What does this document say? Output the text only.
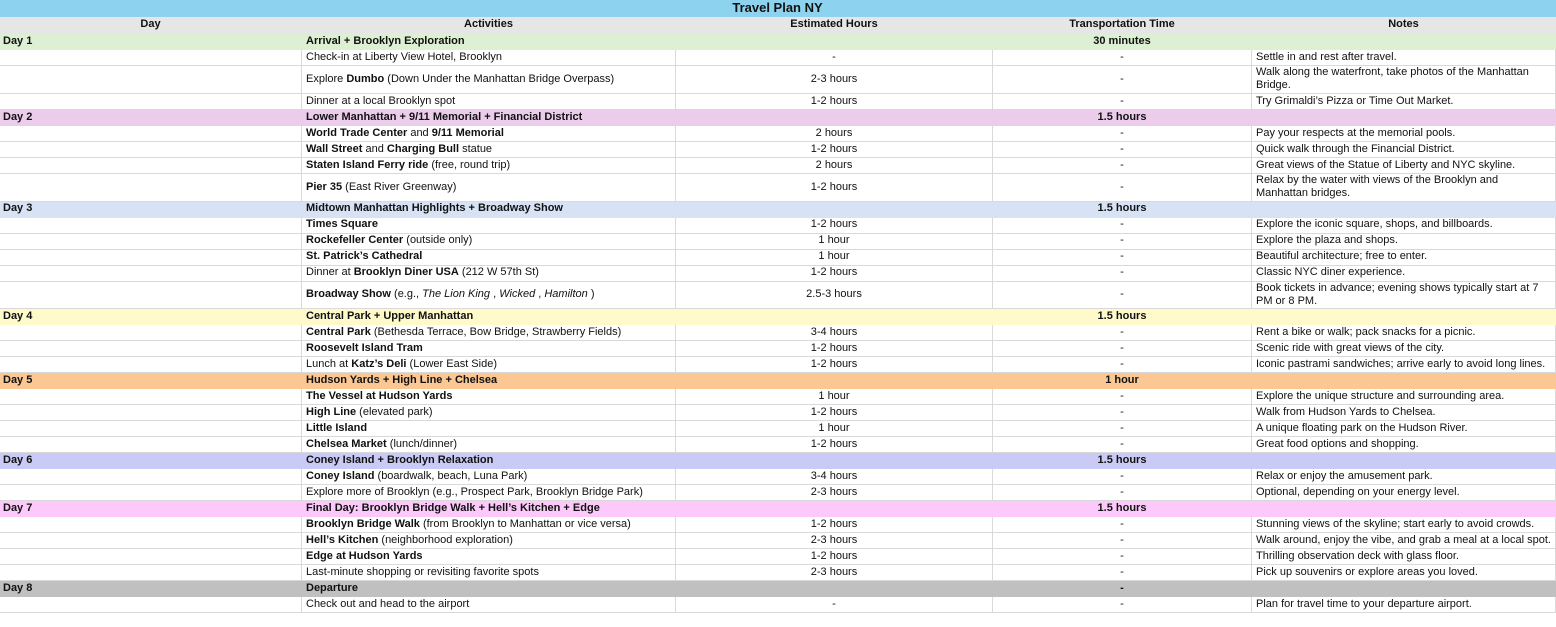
Travel Plan NY				
Day	Activities	Estimated Hours	Transportation Time	Notes
Day 1	Arrival + Brooklyn Exploration		30 minutes	
	Check-in at Liberty View Hotel, Brooklyn	-	-	Settle in and rest after travel.
	Explore Dumbo (Down Under the Manhattan Bridge Overpass)	2-3 hours	-	Walk along the waterfront, take photos of the Manhattan Bridge.
	Dinner at a local Brooklyn spot	1-2 hours	-	Try Grimaldi’s Pizza or Time Out Market.
Day 2	Lower Manhattan + 9/11 Memorial + Financial District		1.5 hours	
	World Trade Center and 9/11 Memorial	2 hours	-	Pay your respects at the memorial pools.
	Wall Street and Charging Bull statue	1-2 hours	-	Quick walk through the Financial District.
	Staten Island Ferry ride (free, round trip)	2 hours	-	Great views of the Statue of Liberty and NYC skyline.
	Pier 35 (East River Greenway)	1-2 hours	-	Relax by the water with views of the Brooklyn and Manhattan bridges.
Day 3	Midtown Manhattan Highlights + Broadway Show		1.5 hours	
	Times Square	1-2 hours	-	Explore the iconic square, shops, and billboards.
	Rockefeller Center (outside only)	1 hour	-	Explore the plaza and shops.
	St. Patrick’s Cathedral	1 hour	-	Beautiful architecture; free to enter.
	Dinner at Brooklyn Diner USA (212 W 57th St)	1-2 hours	-	Classic NYC diner experience.
	Broadway Show (e.g., The Lion King , Wicked , Hamilton )	2.5-3 hours	-	Book tickets in advance; evening shows typically start at 7 PM or 8 PM.
Day 4	Central Park + Upper Manhattan		1.5 hours	
	Central Park (Bethesda Terrace, Bow Bridge, Strawberry Fields)	3-4 hours	-	Rent a bike or walk; pack snacks for a picnic.
	Roosevelt Island Tram	1-2 hours	-	Scenic ride with great views of the city.
	Lunch at Katz’s Deli (Lower East Side)	1-2 hours	-	Iconic pastrami sandwiches; arrive early to avoid long lines.
Day 5	Hudson Yards + High Line + Chelsea		1 hour	
	The Vessel at Hudson Yards	1 hour	-	Explore the unique structure and surrounding area.
	High Line (elevated park)	1-2 hours	-	Walk from Hudson Yards to Chelsea.
	Little Island	1 hour	-	A unique floating park on the Hudson River.
	Chelsea Market (lunch/dinner)	1-2 hours	-	Great food options and shopping.
Day 6	Coney Island + Brooklyn Relaxation		1.5 hours	
	Coney Island (boardwalk, beach, Luna Park)	3-4 hours	-	Relax or enjoy the amusement park.
	Explore more of Brooklyn (e.g., Prospect Park, Brooklyn Bridge Park)	2-3 hours	-	Optional, depending on your energy level.
Day 7	Final Day: Brooklyn Bridge Walk + Hell’s Kitchen + Edge		1.5 hours	
	Brooklyn Bridge Walk (from Brooklyn to Manhattan or vice versa)	1-2 hours	-	Stunning views of the skyline; start early to avoid crowds.
	Hell’s Kitchen (neighborhood exploration)	2-3 hours	-	Walk around, enjoy the vibe, and grab a meal at a local spot.
	Edge at Hudson Yards	1-2 hours	-	Thrilling observation deck with glass floor.
	Last-minute shopping or revisiting favorite spots	2-3 hours	-	Pick up souvenirs or explore areas you loved.
Day 8	Departure		-	
	Check out and head to the airport	-	-	Plan for travel time to your departure airport.
